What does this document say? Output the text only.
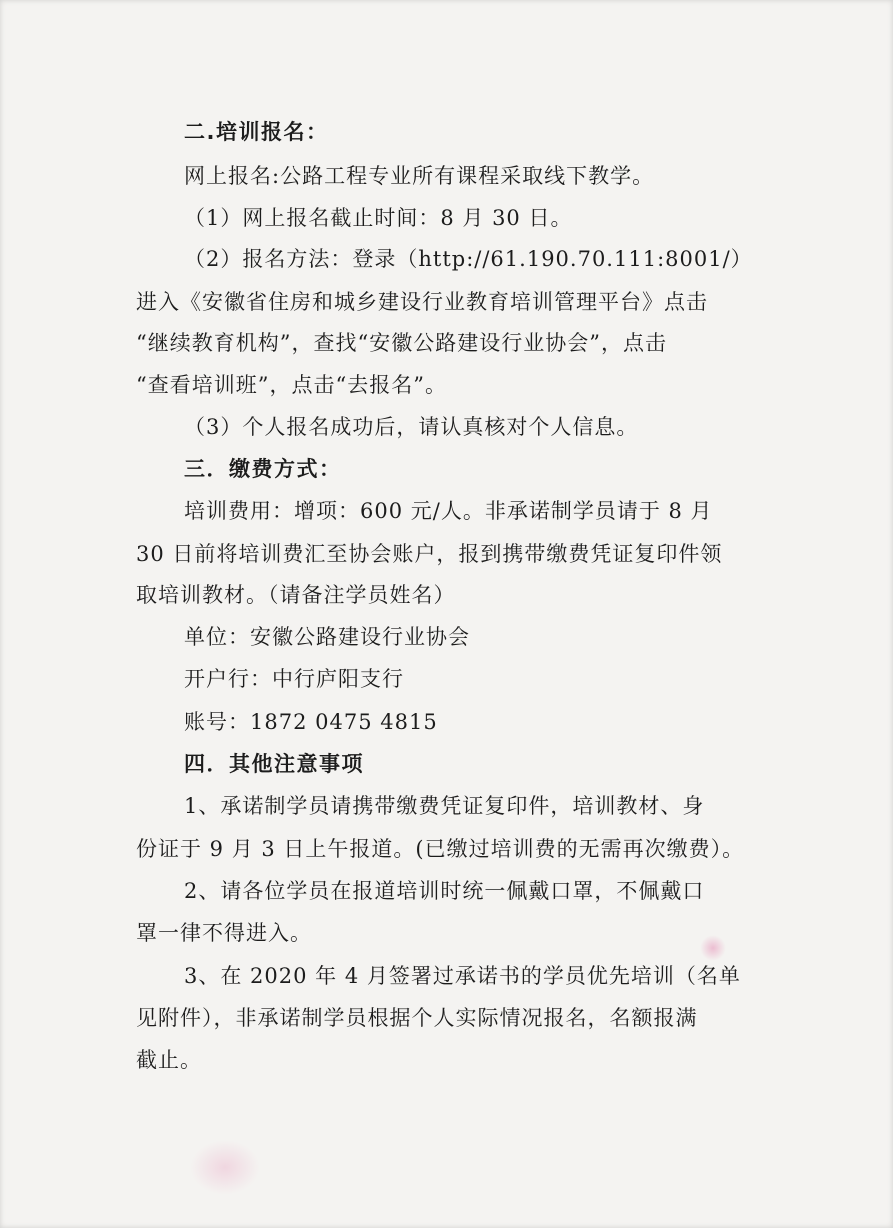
二.培训报名：
网上报名:公路工程专业所有课程采取线下教学。
（1）网上报名截止时间：8 月 30 日。
（2）报名方法：登录（http://61.190.70.111:8001/）
进入《安徽省住房和城乡建设行业教育培训管理平台》点击
“继续教育机构”，查找“安徽公路建设行业协会”，点击
“查看培训班”，点击“去报名”。
（3）个人报名成功后，请认真核对个人信息。
三．缴费方式：
培训费用：增项：600 元/人。非承诺制学员请于 8 月
30 日前将培训费汇至协会账户，报到携带缴费凭证复印件领
取培训教材。（请备注学员姓名）
单位：安徽公路建设行业协会
开户行：中行庐阳支行
账号：1872 0475 4815
四．其他注意事项
1、承诺制学员请携带缴费凭证复印件，培训教材、身
份证于 9 月 3 日上午报道。(已缴过培训费的无需再次缴费）。
2、请各位学员在报道培训时统一佩戴口罩，不佩戴口
罩一律不得进入。
3、在 2020 年 4 月签署过承诺书的学员优先培训（名单
见附件），非承诺制学员根据个人实际情况报名，名额报满
截止。
